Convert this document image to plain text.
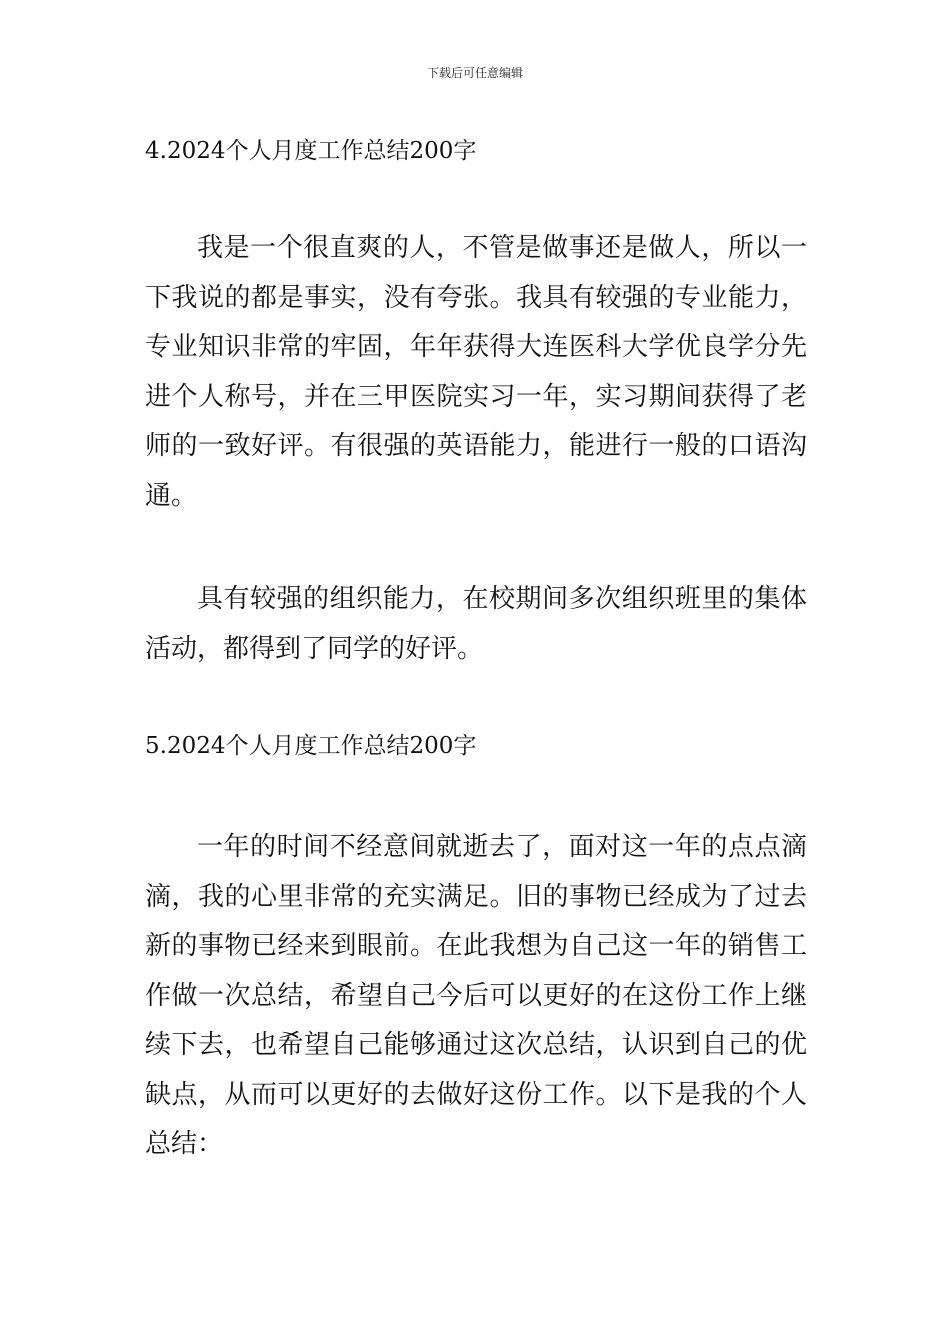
下载后可任意编辑
4.2024个人月度工作总结200字
我是一个很直爽的人，不管是做事还是做人，所以一下我说的都是事实，没有夸张。我具有较强的专业能力，专业知识非常的牢固，年年获得大连医科大学优良学分先进个人称号，并在三甲医院实习一年，实习期间获得了老师的一致好评。有很强的英语能力，能进行一般的口语沟通。
具有较强的组织能力，在校期间多次组织班里的集体活动，都得到了同学的好评。
5.2024个人月度工作总结200字
一年的时间不经意间就逝去了，面对这一年的点点滴滴，我的心里非常的充实满足。旧的事物已经成为了过去新的事物已经来到眼前。在此我想为自己这一年的销售工作做一次总结，希望自己今后可以更好的在这份工作上继续下去，也希望自己能够通过这次总结，认识到自己的优缺点，从而可以更好的去做好这份工作。以下是我的个人总结：
